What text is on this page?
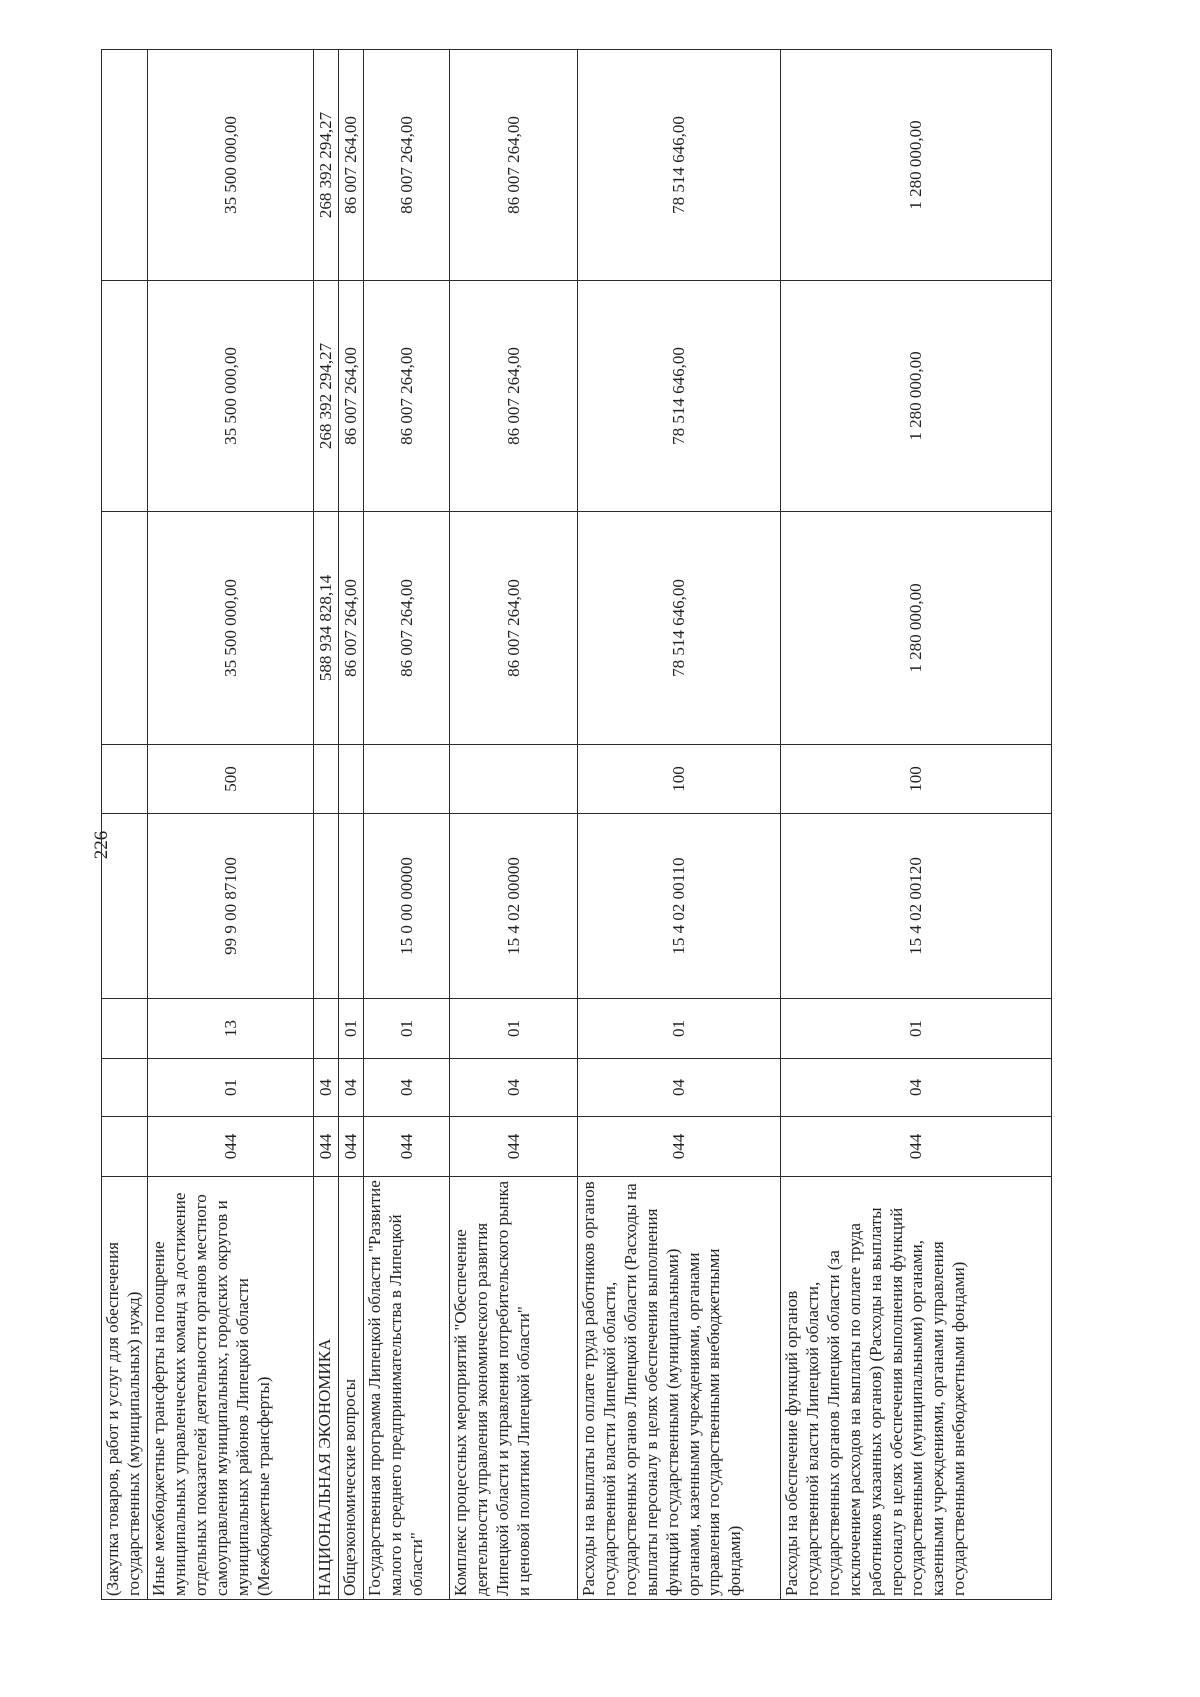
226
(Закупка товаров, работ и услуг для обеспечения государственных (муниципальных) нужд)								
Иные межбюджетные трансферты на поощрение муниципальных управленческих команд за достижение отдельных показателей деятельности органов местного самоуправления муниципальных, городских округов и муниципальных районов Липецкой области (Межбюджетные трансферты)	044	01	13	99 9 00 87100	500	35 500 000,00	35 500 000,00	35 500 000,00
НАЦИОНАЛЬНАЯ ЭКОНОМИКА	044	04				588 934 828,14	268 392 294,27	268 392 294,27
Общеэкономические вопросы	044	04	01			86 007 264,00	86 007 264,00	86 007 264,00
Государственная программа Липецкой области "Развитие малого и среднего предпринимательства в Липецкой области"	044	04	01	15 0 00 00000		86 007 264,00	86 007 264,00	86 007 264,00
Комплекс процессных мероприятий "Обеспечение деятельности управления экономического развития Липецкой области и управления потребительского рынка и ценовой политики Липецкой области"	044	04	01	15 4 02 00000		86 007 264,00	86 007 264,00	86 007 264,00
Расходы на выплаты по оплате труда работников органов государственной власти Липецкой области, государственных органов Липецкой области (Расходы на выплаты персоналу в целях обеспечения выполнения функций государственными (муниципальными) органами, казенными учреждениями, органами управления государственными внебюджетными фондами)	044	04	01	15 4 02 00110	100	78 514 646,00	78 514 646,00	78 514 646,00
Расходы на обеспечение функций органов государственной власти Липецкой области, государственных органов Липецкой области (за исключением расходов на выплаты по оплате труда работников указанных органов) (Расходы на выплаты персоналу в целях обеспечения выполнения функций государственными (муниципальными) органами, казенными учреждениями, органами управления государственными внебюджетными фондами)	044	04	01	15 4 02 00120	100	1 280 000,00	1 280 000,00	1 280 000,00
